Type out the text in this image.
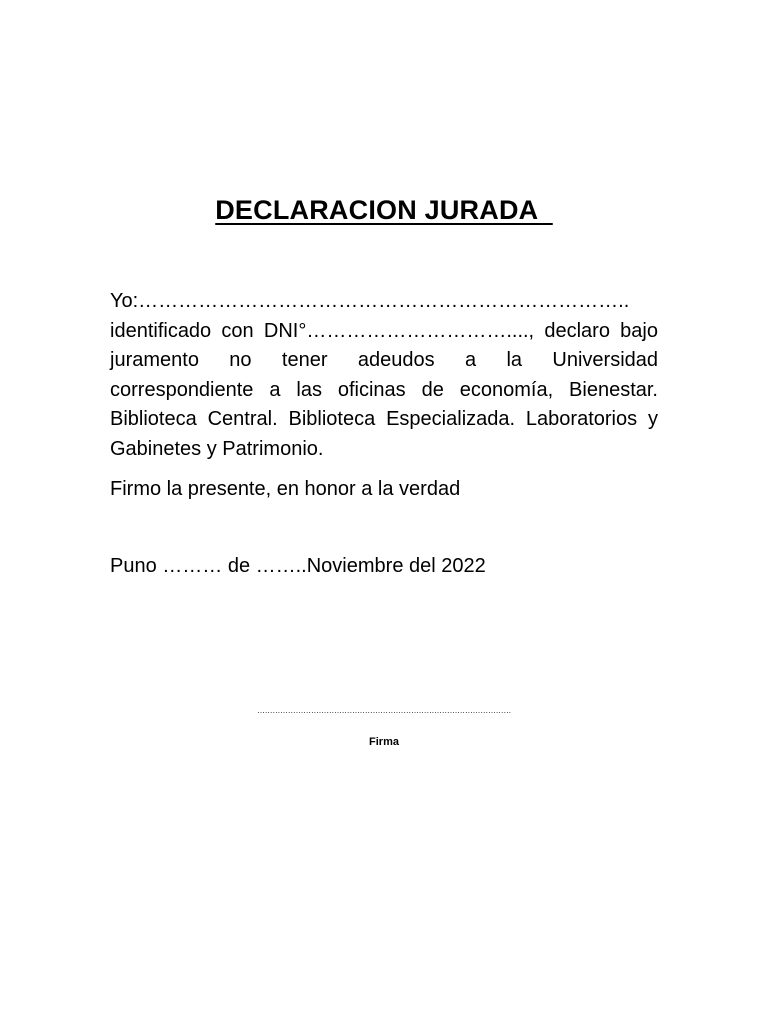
DECLARACION JURADA

Yo:……………………………………………………………….. identificado con DNI°…………………………...., declaro bajo juramento no tener adeudos a la Universidad correspondiente a las oficinas de economía, Bienestar. Biblioteca Central. Biblioteca Especializada. Laboratorios y Gabinetes y Patrimonio.

Firmo la presente, en honor a la verdad

Puno ……… de ……..Noviembre del 2022

………………………………………………………………………………………
Firma
